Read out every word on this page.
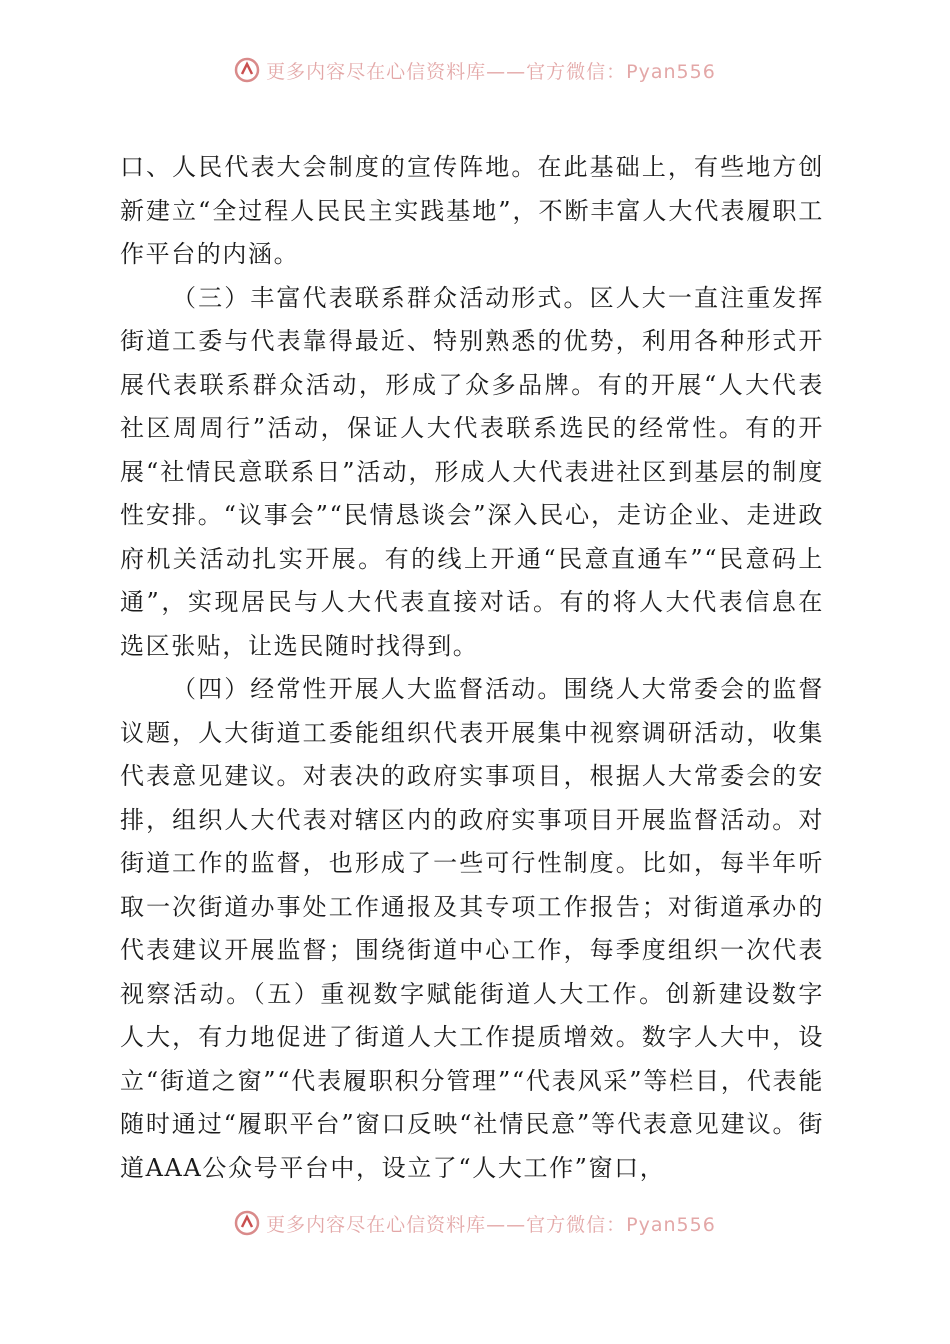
更多内容尽在心信资料库——官方微信：Pyan556

口、人民代表大会制度的宣传阵地。在此基础上，有些地方创新建立“全过程人民民主实践基地”，不断丰富人大代表履职工作平台的内涵。

（三）丰富代表联系群众活动形式。区人大一直注重发挥街道工委与代表靠得最近、特别熟悉的优势，利用各种形式开展代表联系群众活动，形成了众多品牌。有的开展“人大代表社区周周行”活动，保证人大代表联系选民的经常性。有的开展“社情民意联系日”活动，形成人大代表进社区到基层的制度性安排。“议事会”“民情恳谈会”深入民心，走访企业、走进政府机关活动扎实开展。有的线上开通“民意直通车”“民意码上通”，实现居民与人大代表直接对话。有的将人大代表信息在选区张贴，让选民随时找得到。

（四）经常性开展人大监督活动。围绕人大常委会的监督议题，人大街道工委能组织代表开展集中视察调研活动，收集代表意见建议。对表决的政府实事项目，根据人大常委会的安排，组织人大代表对辖区内的政府实事项目开展监督活动。对街道工作的监督，也形成了一些可行性制度。比如，每半年听取一次街道办事处工作通报及其专项工作报告；对街道承办的代表建议开展监督；围绕街道中心工作，每季度组织一次代表视察活动。（五）重视数字赋能街道人大工作。创新建设数字人大，有力地促进了街道人大工作提质增效。数字人大中，设立“街道之窗”“代表履职积分管理”“代表风采”等栏目，代表能随时通过“履职平台”窗口反映“社情民意”等代表意见建议。街道AAA公众号平台中，设立了“人大工作”窗口，

更多内容尽在心信资料库——官方微信：Pyan556
